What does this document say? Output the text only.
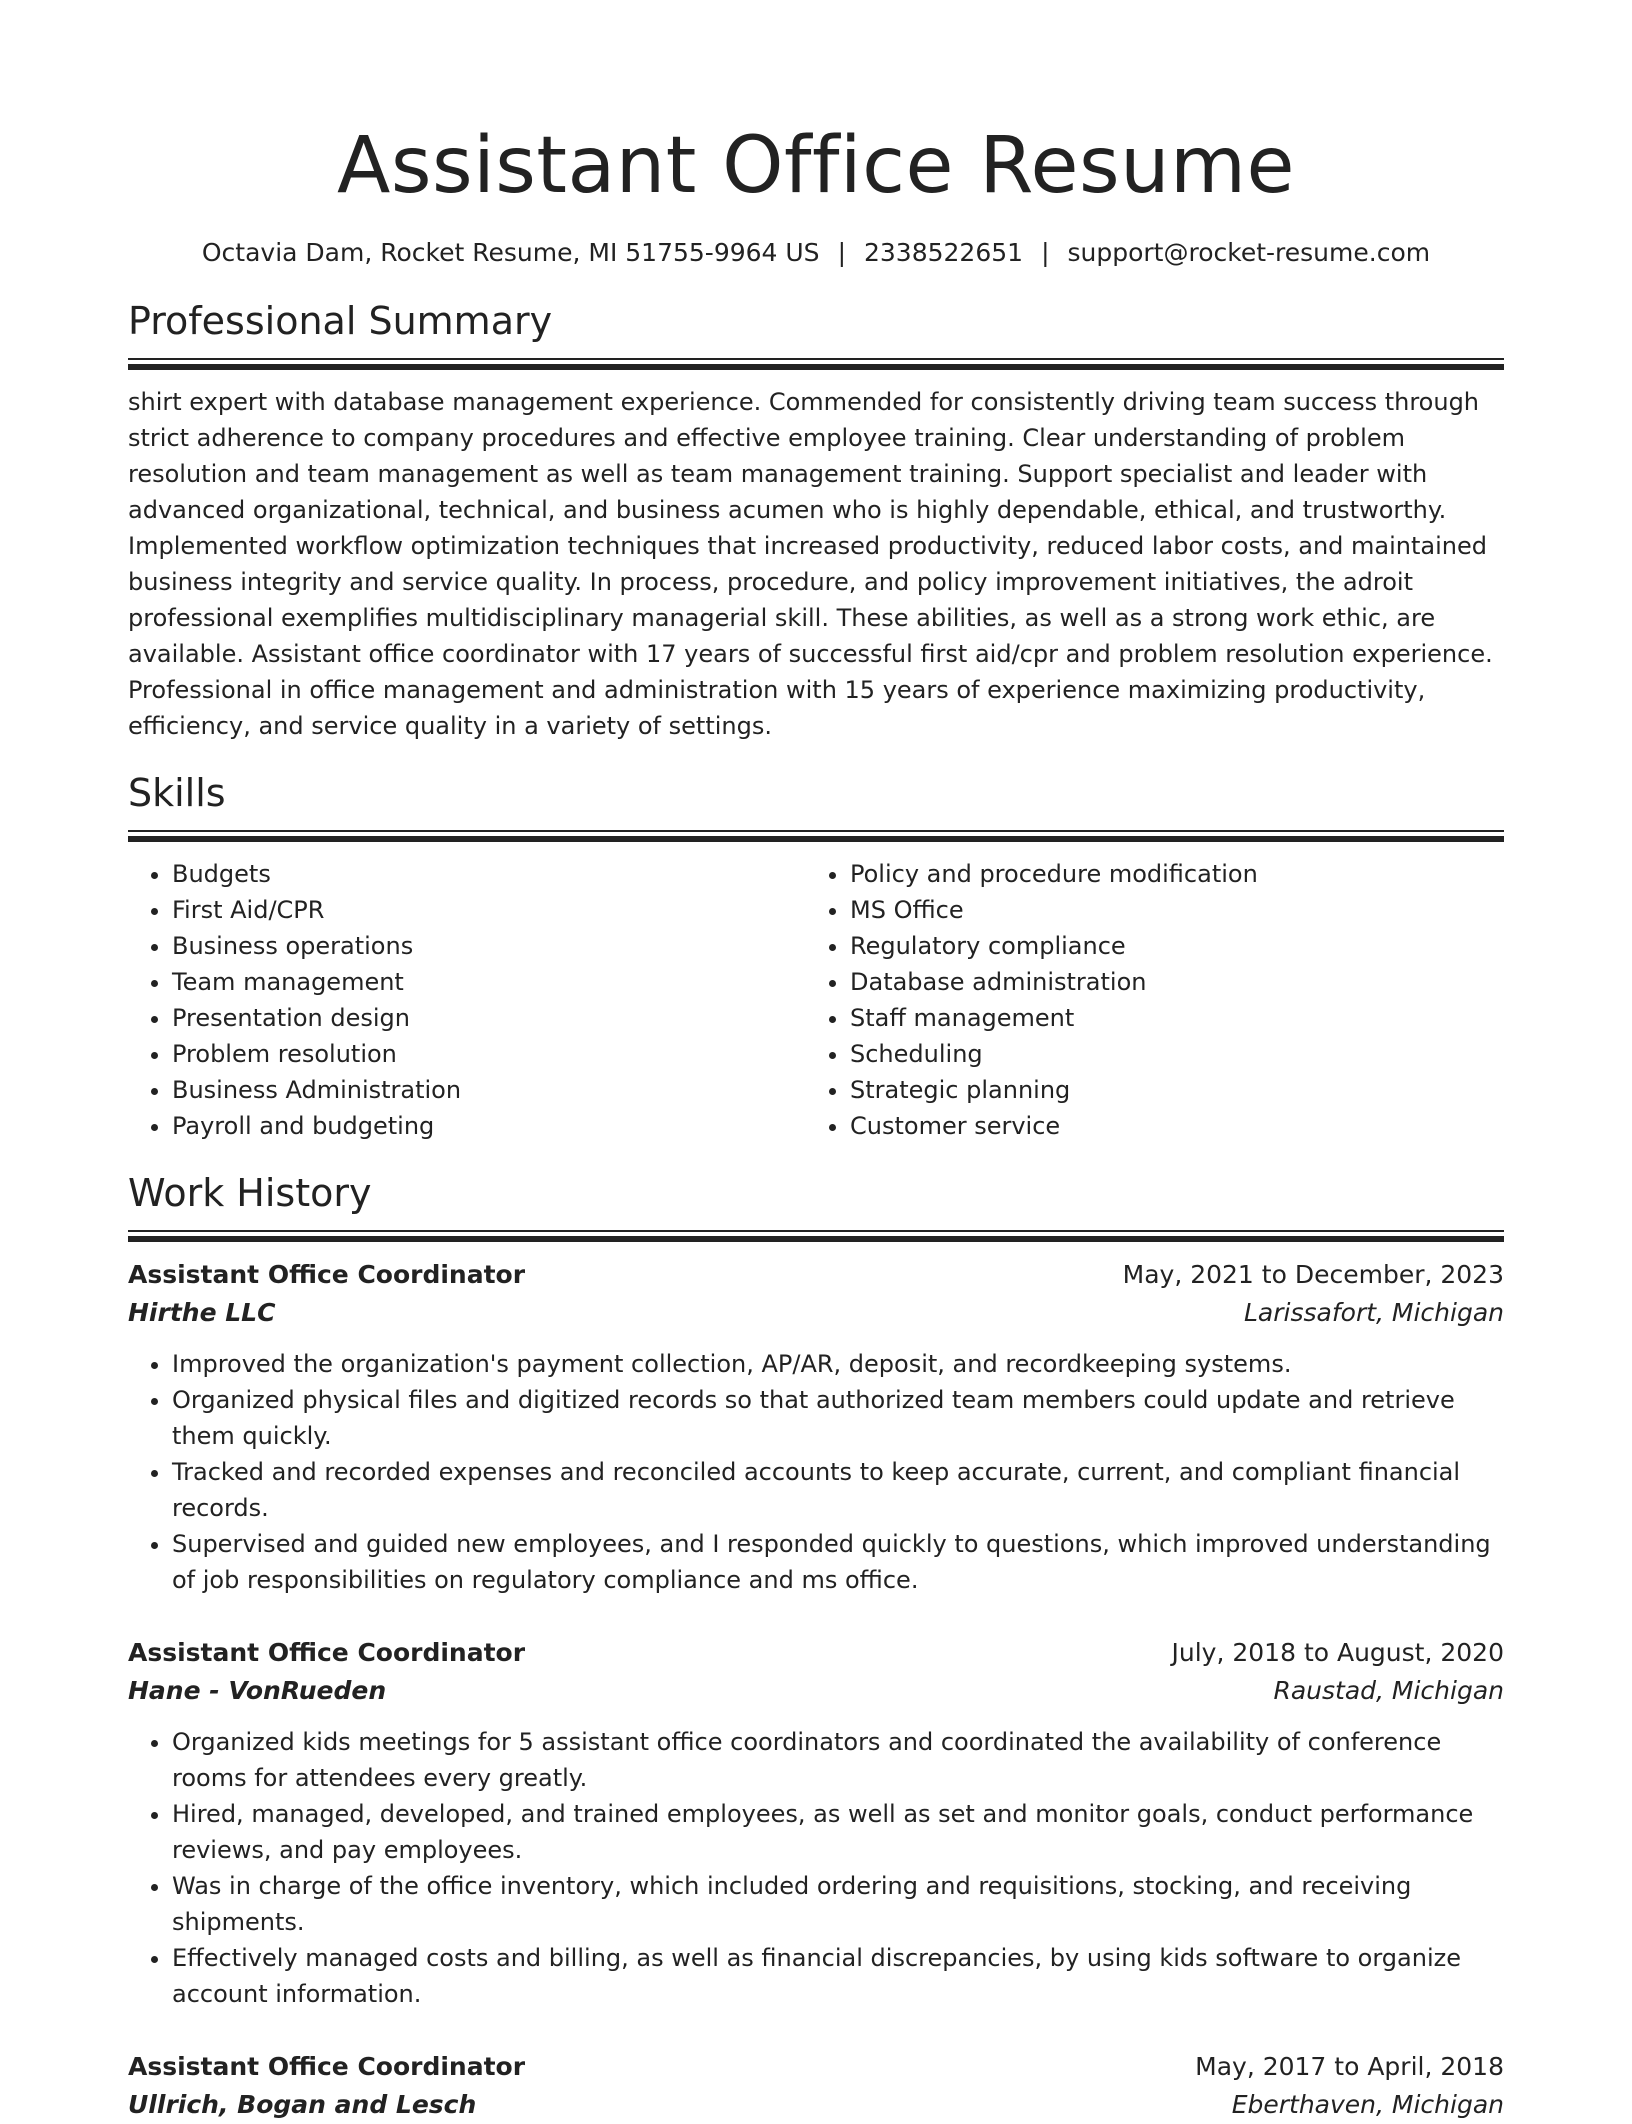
Assistant Office Resume
Octavia Dam, Rocket Resume, MI 51755-9964 US | 2338522651 | support@rocket-resume.com
Professional Summary

shirt expert with database management experience. Commended for consistently driving team success through strict adherence to company procedures and effective employee training. Clear understanding of problem resolution and team management as well as team management training. Support specialist and leader with advanced organizational, technical, and business acumen who is highly dependable, ethical, and trustworthy. Implemented workflow optimization techniques that increased productivity, reduced labor costs, and maintained business integrity and service quality. In process, procedure, and policy improvement initiatives, the adroit professional exemplifies multidisciplinary managerial skill. These abilities, as well as a strong work ethic, are available. Assistant office coordinator with 17 years of successful first aid/cpr and problem resolution experience. Professional in office management and administration with 15 years of experience maximizing productivity, efficiency, and service quality in a variety of settings.

Skills
• Budgets
• First Aid/CPR
• Business operations
• Team management
• Presentation design
• Problem resolution
• Business Administration
• Payroll and budgeting
• Policy and procedure modification
• MS Office
• Regulatory compliance
• Database administration
• Staff management
• Scheduling
• Strategic planning
• Customer service
Work History
Assistant Office Coordinator	May, 2021 to December, 2023
Hirthe LLC	Larissafort, Michigan
• Improved the organization's payment collection, AP/AR, deposit, and recordkeeping systems.
• Organized physical files and digitized records so that authorized team members could update and retrieve them quickly.
• Tracked and recorded expenses and reconciled accounts to keep accurate, current, and compliant financial records.
• Supervised and guided new employees, and I responded quickly to questions, which improved understanding of job responsibilities on regulatory compliance and ms office.
Assistant Office Coordinator	July, 2018 to August, 2020
Hane - VonRueden	Raustad, Michigan
• Organized kids meetings for 5 assistant office coordinators and coordinated the availability of conference rooms for attendees every greatly.
• Hired, managed, developed, and trained employees, as well as set and monitor goals, conduct performance reviews, and pay employees.
• Was in charge of the office inventory, which included ordering and requisitions, stocking, and receiving shipments.
• Effectively managed costs and billing, as well as financial discrepancies, by using kids software to organize account information.
Assistant Office Coordinator	May, 2017 to April, 2018
Ullrich, Bogan and Lesch	Eberthaven, Michigan
